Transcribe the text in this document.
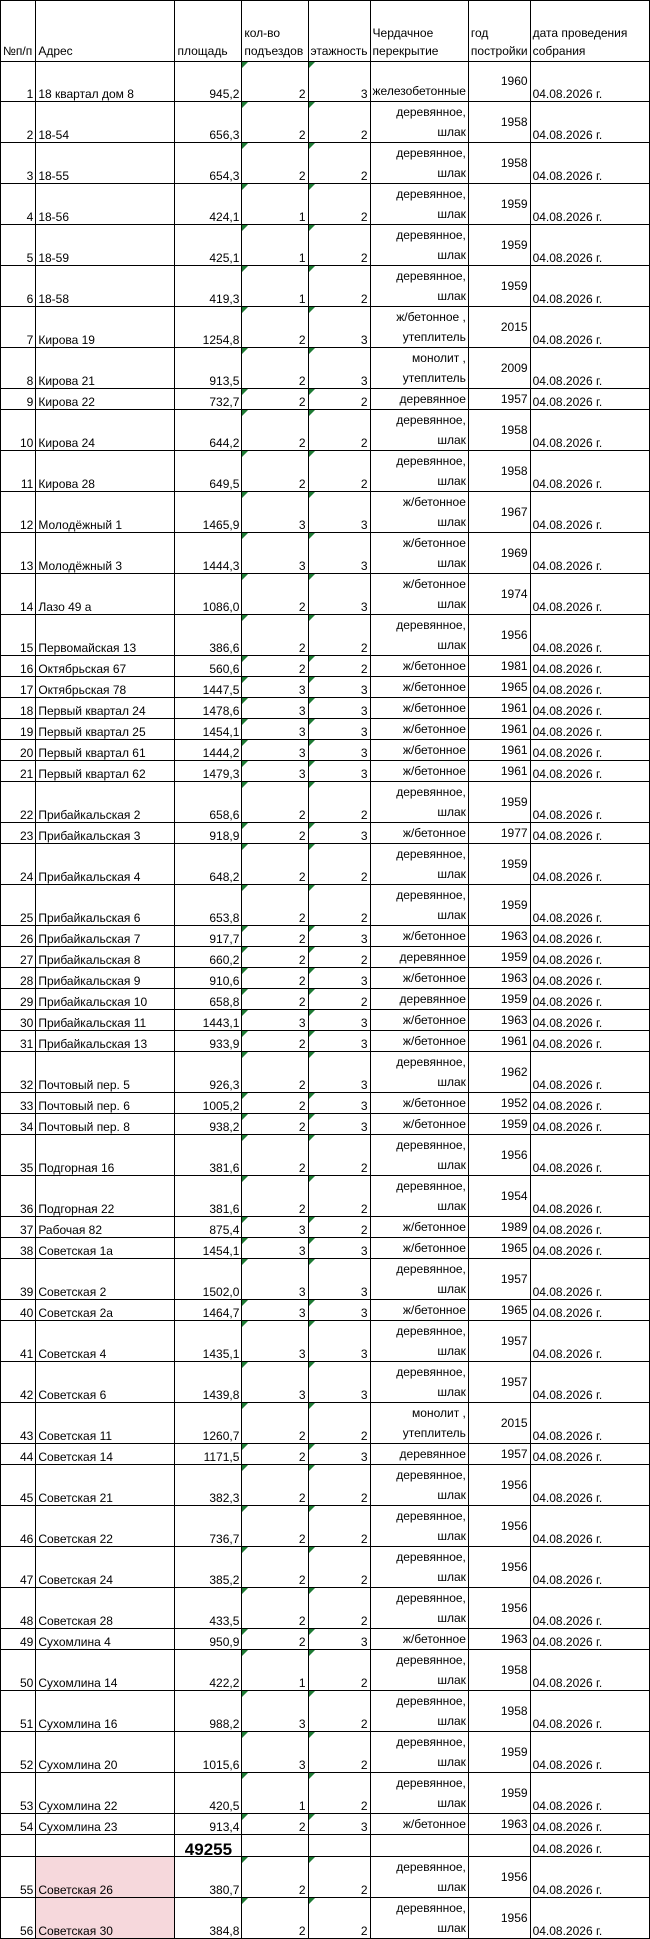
№п/п	Адрес	площадь	кол-во подъездов	этажность	Чердачное перекрытие	год постройки	дата проведения собрания
1	18 квартал дом 8	945,2	2	3	железобетонные	1960	04.08.2026 г.
2	18-54	656,3	2	2	деревянное, шлак	1958	04.08.2026 г.
3	18-55	654,3	2	2	деревянное, шлак	1958	04.08.2026 г.
4	18-56	424,1	1	2	деревянное, шлак	1959	04.08.2026 г.
5	18-59	425,1	1	2	деревянное, шлак	1959	04.08.2026 г.
6	18-58	419,3	1	2	деревянное, шлак	1959	04.08.2026 г.
7	Кирова 19	1254,8	2	3	ж/бетонное , утеплитель	2015	04.08.2026 г.
8	Кирова 21	913,5	2	3	монолит , утеплитель	2009	04.08.2026 г.
9	Кирова 22	732,7	2	2	деревянное	1957	04.08.2026 г.
10	Кирова 24	644,2	2	2	деревянное, шлак	1958	04.08.2026 г.
11	Кирова 28	649,5	2	2	деревянное, шлак	1958	04.08.2026 г.
12	Молодёжный 1	1465,9	3	3	ж/бетонное шлак	1967	04.08.2026 г.
13	Молодёжный 3	1444,3	3	3	ж/бетонное шлак	1969	04.08.2026 г.
14	Лазо 49 а	1086,0	2	3	ж/бетонное шлак	1974	04.08.2026 г.
15	Первомайская 13	386,6	2	2	деревянное, шлак	1956	04.08.2026 г.
16	Октябрьская 67	560,6	2	2	ж/бетонное	1981	04.08.2026 г.
17	Октябрьская 78	1447,5	3	3	ж/бетонное	1965	04.08.2026 г.
18	Первый квартал 24	1478,6	3	3	ж/бетонное	1961	04.08.2026 г.
19	Первый квартал 25	1454,1	3	3	ж/бетонное	1961	04.08.2026 г.
20	Первый квартал 61	1444,2	3	3	ж/бетонное	1961	04.08.2026 г.
21	Первый квартал 62	1479,3	3	3	ж/бетонное	1961	04.08.2026 г.
22	Прибайкальская 2	658,6	2	2	деревянное, шлак	1959	04.08.2026 г.
23	Прибайкальская 3	918,9	2	3	ж/бетонное	1977	04.08.2026 г.
24	Прибайкальская 4	648,2	2	2	деревянное, шлак	1959	04.08.2026 г.
25	Прибайкальская 6	653,8	2	2	деревянное, шлак	1959	04.08.2026 г.
26	Прибайкальская 7	917,7	2	3	ж/бетонное	1963	04.08.2026 г.
27	Прибайкальская 8	660,2	2	2	деревянное	1959	04.08.2026 г.
28	Прибайкальская 9	910,6	2	3	ж/бетонное	1963	04.08.2026 г.
29	Прибайкальская 10	658,8	2	2	деревянное	1959	04.08.2026 г.
30	Прибайкальская 11	1443,1	3	3	ж/бетонное	1963	04.08.2026 г.
31	Прибайкальская 13	933,9	2	3	ж/бетонное	1961	04.08.2026 г.
32	Почтовый пер. 5	926,3	2	3	деревянное, шлак	1962	04.08.2026 г.
33	Почтовый пер. 6	1005,2	2	3	ж/бетонное	1952	04.08.2026 г.
34	Почтовый пер. 8	938,2	2	3	ж/бетонное	1959	04.08.2026 г.
35	Подгорная 16	381,6	2	2	деревянное, шлак	1956	04.08.2026 г.
36	Подгорная 22	381,6	2	2	деревянное, шлак	1954	04.08.2026 г.
37	Рабочая 82	875,4	3	2	ж/бетонное	1989	04.08.2026 г.
38	Советская 1а	1454,1	3	3	ж/бетонное	1965	04.08.2026 г.
39	Советская 2	1502,0	3	3	деревянное, шлак	1957	04.08.2026 г.
40	Советская 2а	1464,7	3	3	ж/бетонное	1965	04.08.2026 г.
41	Советская 4	1435,1	3	3	деревянное, шлак	1957	04.08.2026 г.
42	Советская 6	1439,8	3	3	деревянное, шлак	1957	04.08.2026 г.
43	Советская 11	1260,7	2	2	монолит , утеплитель	2015	04.08.2026 г.
44	Советская 14	1171,5	2	3	деревянное	1957	04.08.2026 г.
45	Советская 21	382,3	2	2	деревянное, шлак	1956	04.08.2026 г.
46	Советская 22	736,7	2	2	деревянное, шлак	1956	04.08.2026 г.
47	Советская 24	385,2	2	2	деревянное, шлак	1956	04.08.2026 г.
48	Советская 28	433,5	2	2	деревянное, шлак	1956	04.08.2026 г.
49	Сухомлина 4	950,9	2	3	ж/бетонное	1963	04.08.2026 г.
50	Сухомлина 14	422,2	1	2	деревянное, шлак	1958	04.08.2026 г.
51	Сухомлина 16	988,2	3	2	деревянное, шлак	1958	04.08.2026 г.
52	Сухомлина 20	1015,6	3	2	деревянное, шлак	1959	04.08.2026 г.
53	Сухомлина 22	420,5	1	2	деревянное, шлак	1959	04.08.2026 г.
54	Сухомлина 23	913,4	2	3	ж/бетонное	1963	04.08.2026 г.
		49255					04.08.2026 г.
55	Советская 26	380,7	2	2	деревянное, шлак	1956	04.08.2026 г.
56	Советская 30	384,8	2	2	деревянное, шлак	1956	04.08.2026 г.
